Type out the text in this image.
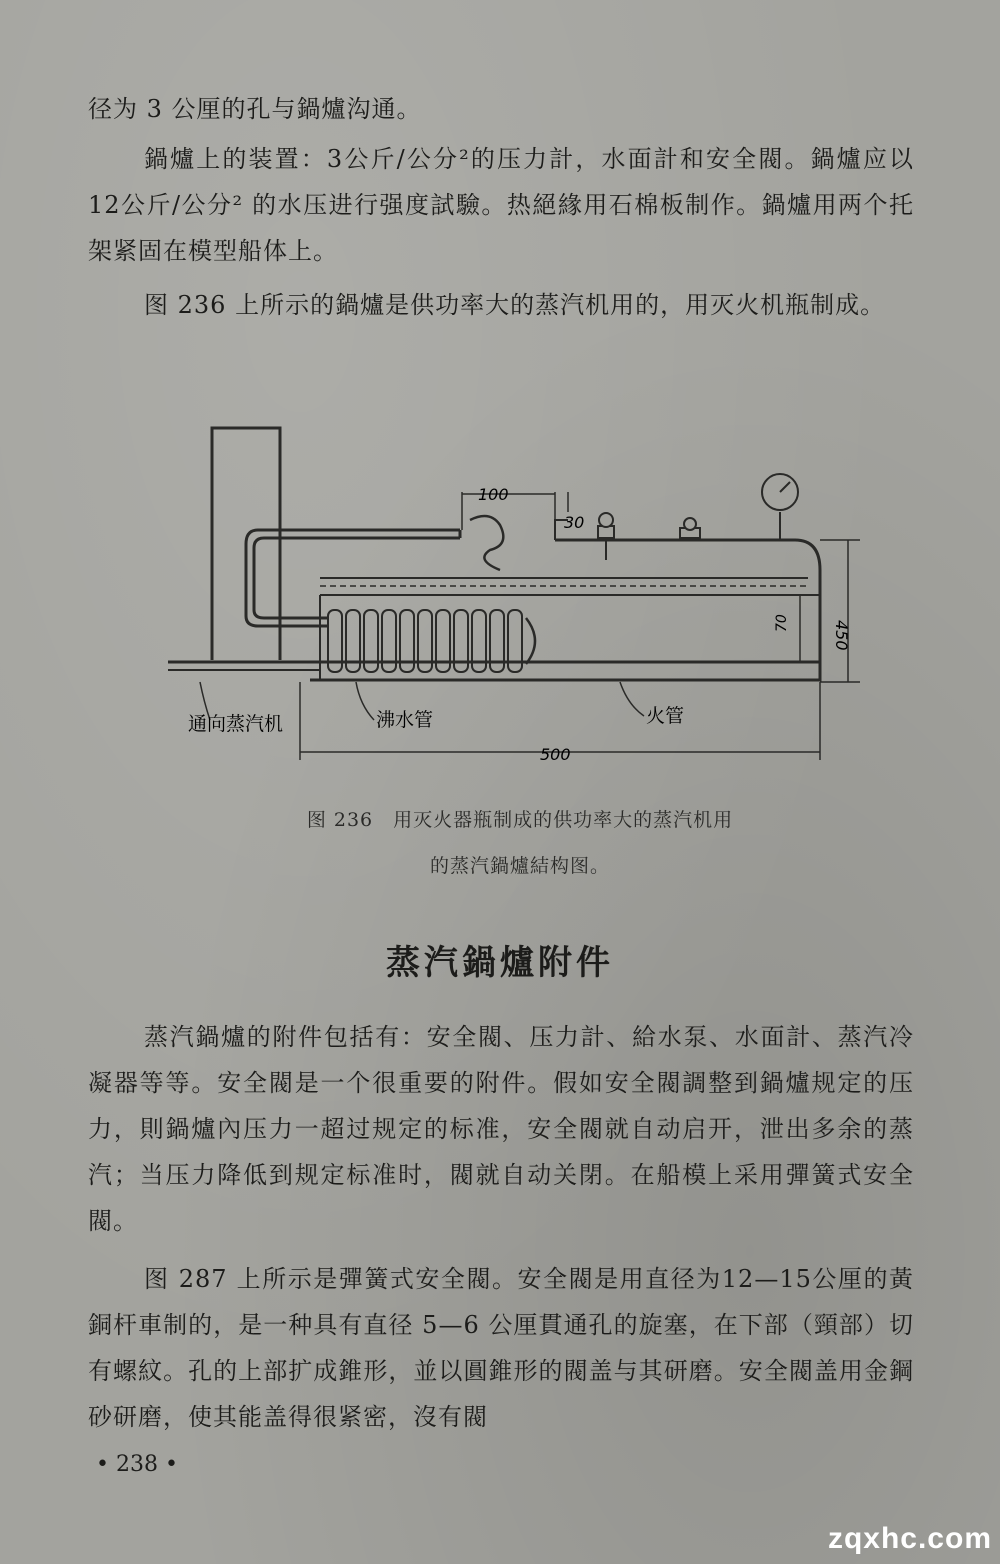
径为 3 公厘的孔与鍋爐沟通。

鍋爐上的装置：3公斤/公分²的压力計，水面計和安全閥。鍋爐应以 12公斤/公分² 的水压进行强度試驗。热絕緣用石棉板制作。鍋爐用两个托架紧固在模型船体上。

图 236 上所示的鍋爐是供功率大的蒸汽机用的，用灭火机瓶制成。

100
30
450
70
500
通向蒸汽机	沸水管	火管
图 236　用灭火器瓶制成的供功率大的蒸汽机用
的蒸汽鍋爐結构图。
蒸汽鍋爐附件

蒸汽鍋爐的附件包括有：安全閥、压力計、給水泵、水面計、蒸汽冷凝器等等。安全閥是一个很重要的附件。假如安全閥調整到鍋爐规定的压力，則鍋爐內压力一超过规定的标准，安全閥就自动启开，泄出多余的蒸汽；当压力降低到规定标准时，閥就自动关閉。在船模上采用彈簧式安全閥。

图 287 上所示是彈簧式安全閥。安全閥是用直径为12—15公厘的黃銅杆車制的，是一种具有直径 5—6 公厘貫通孔的旋塞，在下部（頸部）切有螺紋。孔的上部扩成錐形，並以圓錐形的閥盖与其研磨。安全閥盖用金鋼砂研磨，使其能盖得很紧密，沒有閥

• 238 •
zqxhc.com
